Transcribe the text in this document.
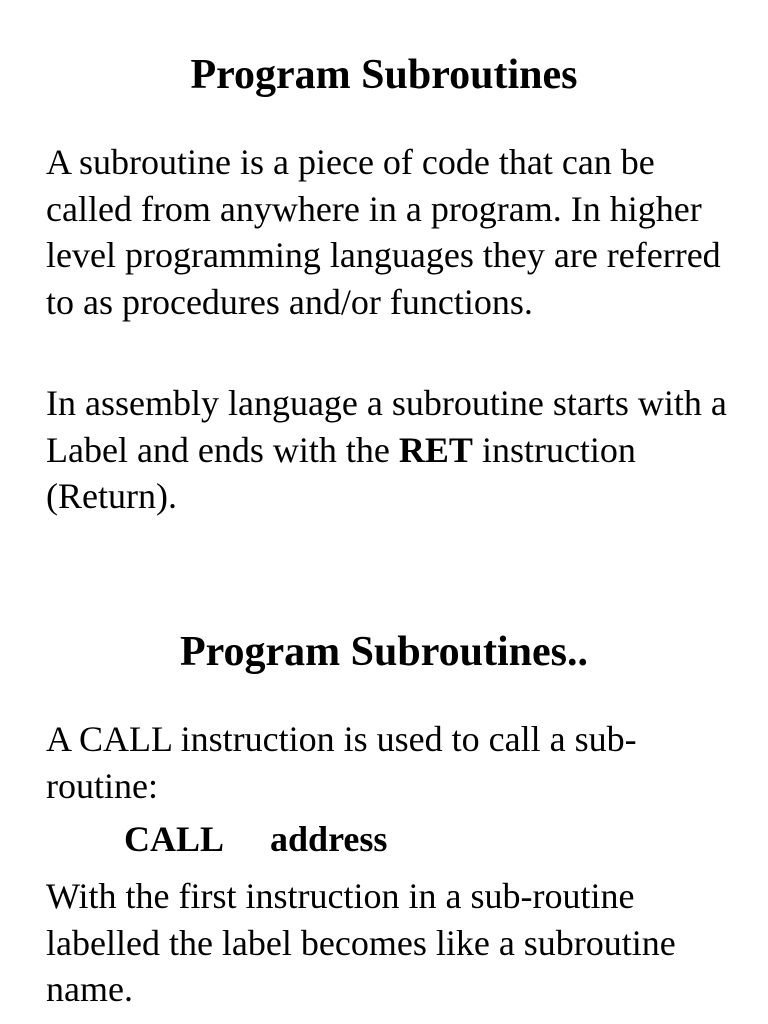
Program Subroutines

A subroutine is a piece of code that can be called from anywhere in a program. In higher level programming languages they are referred to as procedures and/or functions.

In assembly language a subroutine starts with a Label and ends with the RET instruction (Return).

Program Subroutines..

A CALL instruction is used to call a sub-routine:

CALL address

With the first instruction in a sub-routine labelled the label becomes like a subroutine name.
